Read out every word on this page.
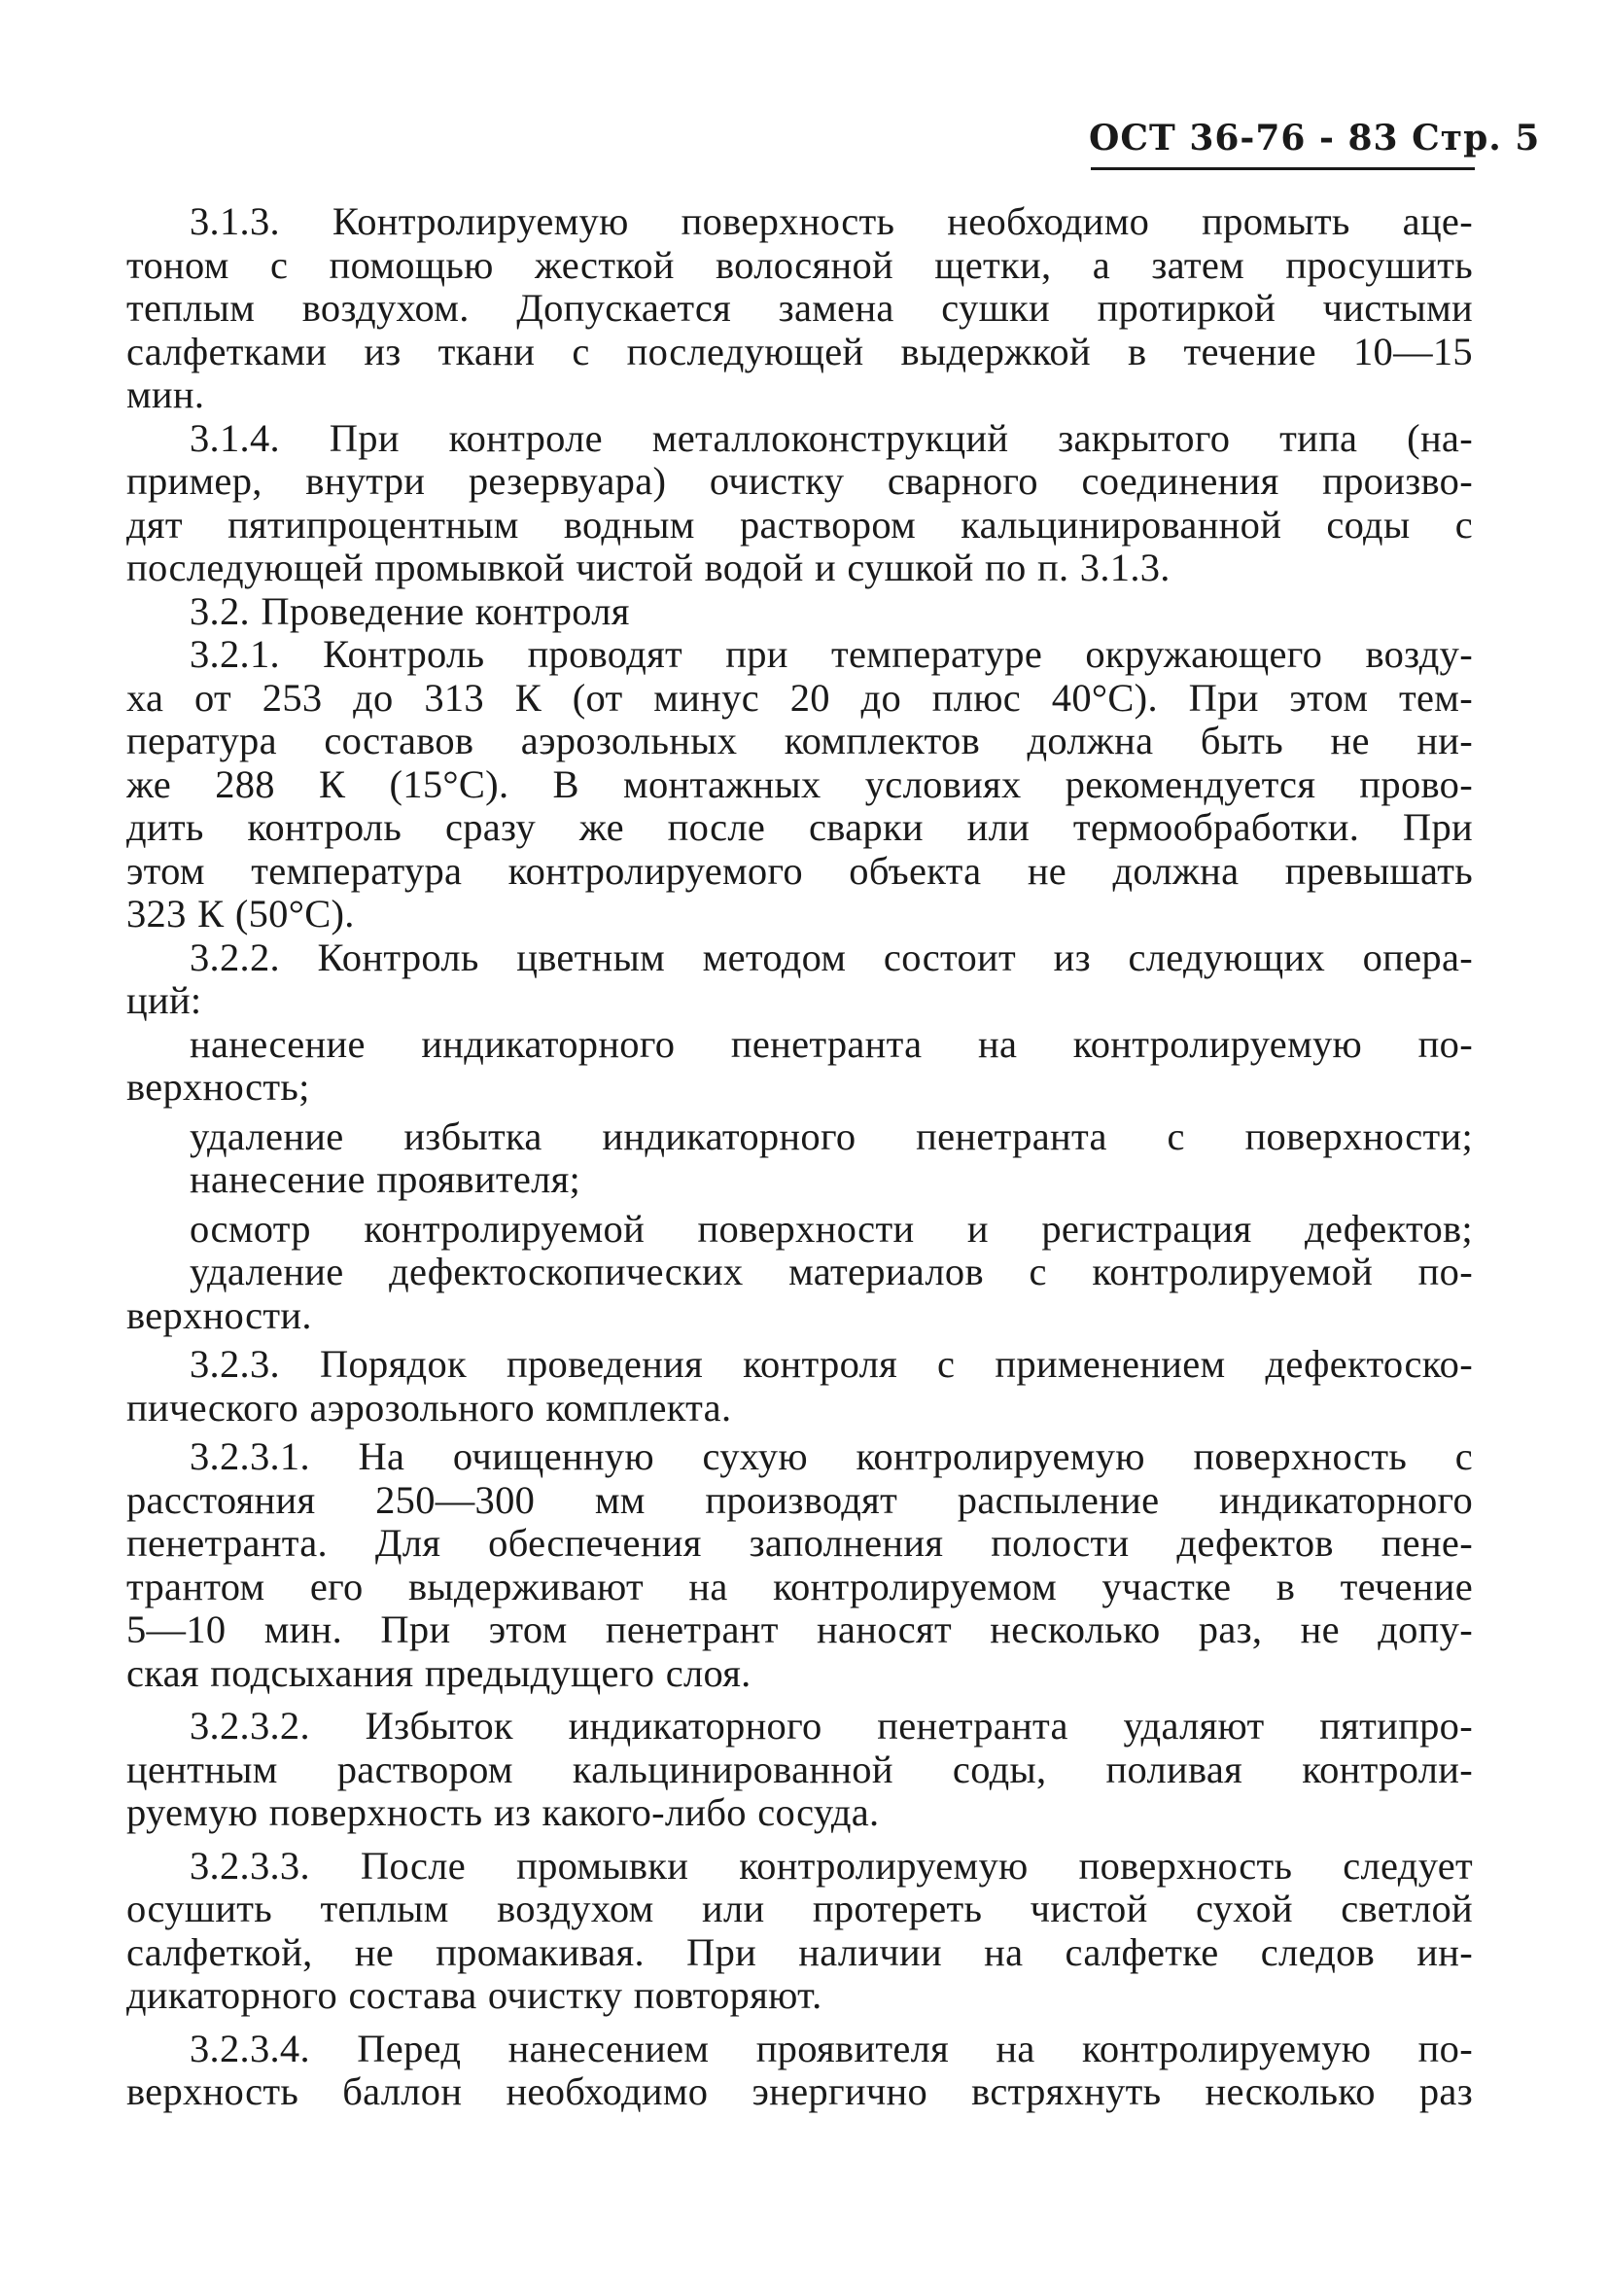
ОСТ 36-76 - 83 Стр. 5
3.1.3. Контролируемую поверхность необходимо промыть аце-
тоном с помощью жесткой волосяной щетки, а затем просушить
теплым воздухом. Допускается замена сушки протиркой чистыми
салфетками из ткани с последующей выдержкой в течение 10—15
мин.
3.1.4. При контроле металлоконструкций закрытого типа (на-
пример, внутри резервуара) очистку сварного соединения произво-
дят пятипроцентным водным раствором кальцинированной соды с
последующей промывкой чистой водой и сушкой по п. 3.1.3.
3.2. Проведение контроля
3.2.1. Контроль проводят при температуре окружающего возду-
ха от 253 до 313 К (от минус 20 до плюс 40°С). При этом тем-
пература составов аэрозольных комплектов должна быть не ни-
же 288 К (15°С). В монтажных условиях рекомендуется прово-
дить контроль сразу же после сварки или термообработки. При
этом температура контролируемого объекта не должна превышать
323 К (50°С).
3.2.2. Контроль цветным методом состоит из следующих опера-
ций:
нанесение индикаторного пенетранта на контролируемую по-
верхность;
удаление избытка индикаторного пенетранта с поверхности;
нанесение проявителя;
осмотр контролируемой поверхности и регистрация дефектов;
удаление дефектоскопических материалов с контролируемой по-
верхности.
3.2.3. Порядок проведения контроля с применением дефектоско-
пического аэрозольного комплекта.
3.2.3.1. На очищенную сухую контролируемую поверхность с
расстояния 250—300 мм производят распыление индикаторного
пенетранта. Для обеспечения заполнения полости дефектов пене-
трантом его выдерживают на контролируемом участке в течение
5—10 мин. При этом пенетрант наносят несколько раз, не допу-
ская подсыхания предыдущего слоя.
3.2.3.2. Избыток индикаторного пенетранта удаляют пятипро-
центным раствором кальцинированной соды, поливая контроли-
руемую поверхность из какого-либо сосуда.
3.2.3.3. После промывки контролируемую поверхность следует
осушить теплым воздухом или протереть чистой сухой светлой
салфеткой, не промакивая. При наличии на салфетке следов ин-
дикаторного состава очистку повторяют.
3.2.3.4. Перед нанесением проявителя на контролируемую по-
верхность баллон необходимо энергично встряхнуть несколько раз
